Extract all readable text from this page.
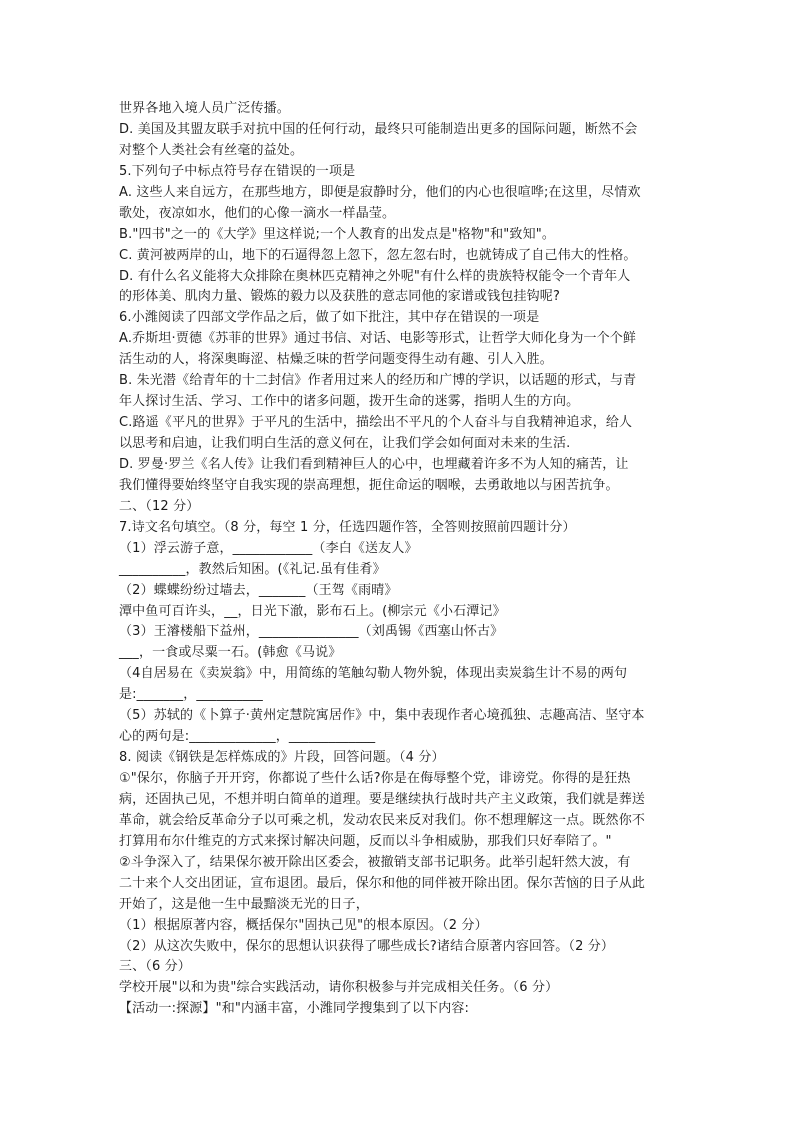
世界各地入境人员广泛传播。
D. 美国及其盟友联手对抗中国的任何行动，最终只可能制造出更多的国际问题，断然不会
对整个人类社会有丝毫的益处。
5.下列句子中标点符号存在错误的一项是
A. 这些人来自远方，在那些地方，即便是寂静时分，他们的内心也很喧哗;在这里，尽情欢
歌处，夜凉如水，他们的心像一滴水一样晶莹。
B."四书"之一的《大学》里这样说;一个人教育的出发点是"格物"和"致知"。
C. 黄河被两岸的山，地下的石逼得忽上忽下，忽左忽右时，也就铸成了自己伟大的性格。
D. 有什么名义能将大众排除在奥林匹克精神之外呢"有什么样的贵族特权能令一个青年人
的形体美、肌肉力量、锻炼的毅力以及获胜的意志同他的家谱或钱包挂钩呢?
6.小潍阅读了四部文学作品之后，做了如下批注，其中存在错误的一项是
A.乔斯坦·贾德《苏菲的世界》通过书信、对话、电影等形式，让哲学大师化身为一个个鲜
活生动的人，将深奥晦涩、枯燥乏味的哲学问题变得生动有趣、引人入胜。
B. 朱光潜《给青年的十二封信》作者用过来人的经历和广博的学识，以话题的形式，与青
年人探讨生活、学习、工作中的诸多问题，拨开生命的迷雾，指明人生的方向。
C.路遥《平凡的世界》于平凡的生活中，描绘出不平凡的个人奋斗与自我精神追求，给人
以思考和启迪，让我们明白生活的意义何在，让我们学会如何面对未来的生活.
D. 罗曼·罗兰《名人传》让我们看到精神巨人的心中，也埋藏着许多不为人知的痛苦，让
我们懂得要始终坚守自我实现的崇高理想，扼住命运的咽喉，去勇敢地以与困苦抗争。
二、（12 分）
7.诗文名句填空。（8 分，每空 1 分，任选四题作答，全答则按照前四题计分）
（1）浮云游子意，____________（李白《送友人》
__________，教然后知困。(《礼记.虽有佳肴》
（2）蝶蝶纷纷过墙去，_______（王驾《雨晴》
潭中鱼可百许头，__，日光下澈，影布石上。(柳宗元《小石潭记》
（3）王濬楼船下益州，_______________（刘禹锡《西塞山怀古》
___，一食或尽粟一石。(韩愈《马说》
（4自居易在《卖炭翁》中，用简练的笔触勾勒人物外貌，体现出卖炭翁生计不易的两句
是:_______，__________
（5）苏轼的《卜算子·黄州定慧院寓居作》中，集中表现作者心境孤独、志趣高洁、坚守本
心的两句是:_____________，_____________
8. 阅读《钢铁是怎样炼成的》片段，回答问题。（4 分）
①"保尔，你脑子开开窍，你都说了些什么话?你是在侮辱整个党，诽谤党。你得的是狂热
病，还固执己见，不想并明白简单的道理。要是继续执行战时共产主义政策，我们就是葬送
革命，就会给反革命分子以可乘之机，发动农民来反对我们。你不想理解这一点。既然你不
打算用布尔什维克的方式来探讨解决问题，反而以斗争相威胁，那我们只好奉陪了。"
②斗争深入了，结果保尔被开除出区委会，被撤销支部书记职务。此举引起轩然大波，有
二十来个人交出团证，宣布退团。最后，保尔和他的同伴被开除出团。保尔苦恼的日子从此
开始了，这是他一生中最黯淡无光的日子，
（1）根据原著内容，概括保尔"固执己见"的根本原因。（2 分）
（2）从这次失败中，保尔的思想认识获得了哪些成长?诸结合原著内容回答。（2 分）
三、（6 分）
学校开展"以和为贵"综合实践活动，请你积极参与并完成相关任务。（6 分）
【活动一:探源】"和"内涵丰富，小潍同学搜集到了以下内容:
